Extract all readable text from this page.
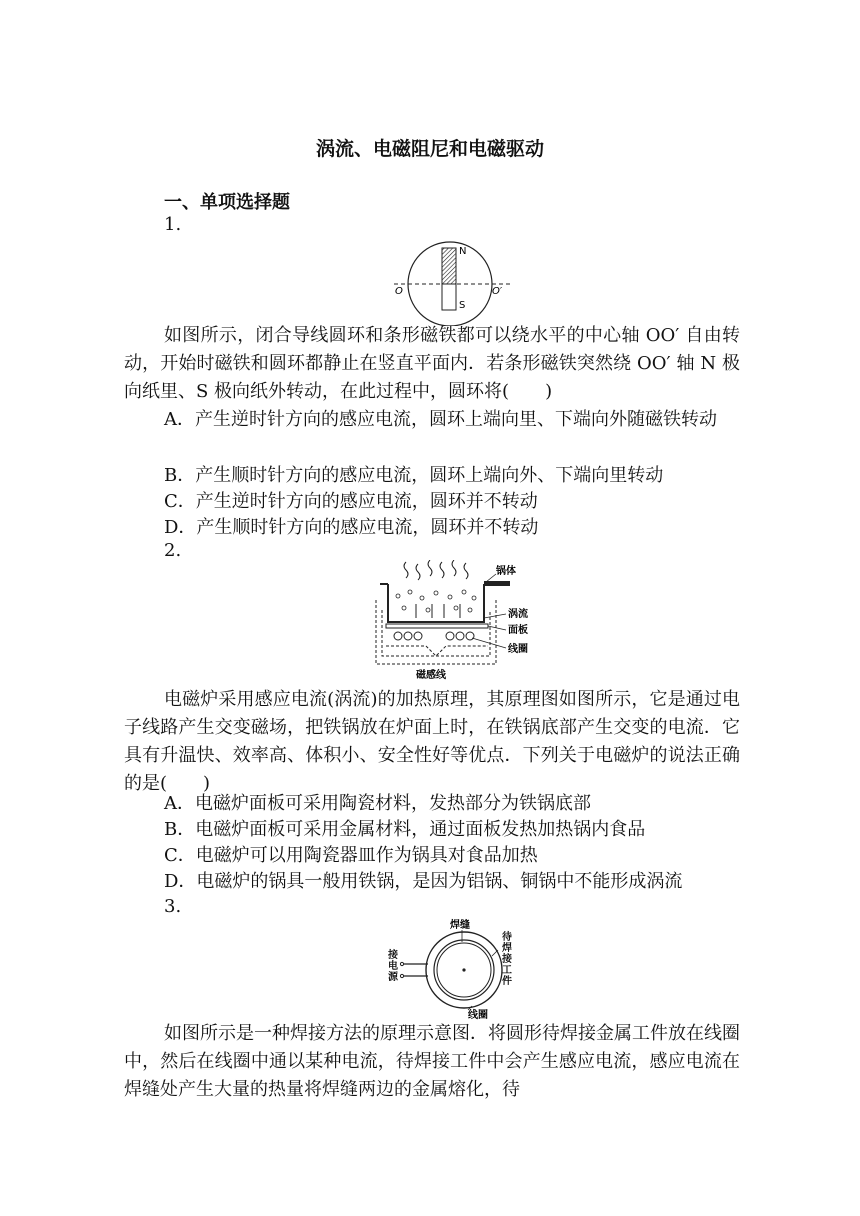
涡流、电磁阻尼和电磁驱动
一、单项选择题
1.
N
S
O	O′

如图所示，闭合导线圆环和条形磁铁都可以绕水平的中心轴 OO′ 自由转动，开始时磁铁和圆环都静止在竖直平面内．若条形磁铁突然绕 OO′ 轴 N 极向纸里、S 极向纸外转动，在此过程中，圆环将(　　)

A．产生逆时针方向的感应电流，圆环上端向里、下端向外随磁铁转动

B．产生顺时针方向的感应电流，圆环上端向外、下端向里转动

C．产生逆时针方向的感应电流，圆环并不转动

D．产生顺时针方向的感应电流，圆环并不转动

2.
锅体
涡流
面板
线圈
磁感线

电磁炉采用感应电流(涡流)的加热原理，其原理图如图所示，它是通过电子线路产生交变磁场，把铁锅放在炉面上时，在铁锅底部产生交变的电流．它具有升温快、效率高、体积小、安全性好等优点．下列关于电磁炉的说法正确的是(　　)

A．电磁炉面板可采用陶瓷材料，发热部分为铁锅底部

B．电磁炉面板可采用金属材料，通过面板发热加热锅内食品

C．电磁炉可以用陶瓷器皿作为锅具对食品加热

D．电磁炉的锅具一般用铁锅，是因为铝锅、铜锅中不能形成涡流

3.
焊缝
线圈
接电源
待焊接工件

如图所示是一种焊接方法的原理示意图．将圆形待焊接金属工件放在线圈中，然后在线圈中通以某种电流，待焊接工件中会产生感应电流，感应电流在焊缝处产生大量的热量将焊缝两边的金属熔化，待
